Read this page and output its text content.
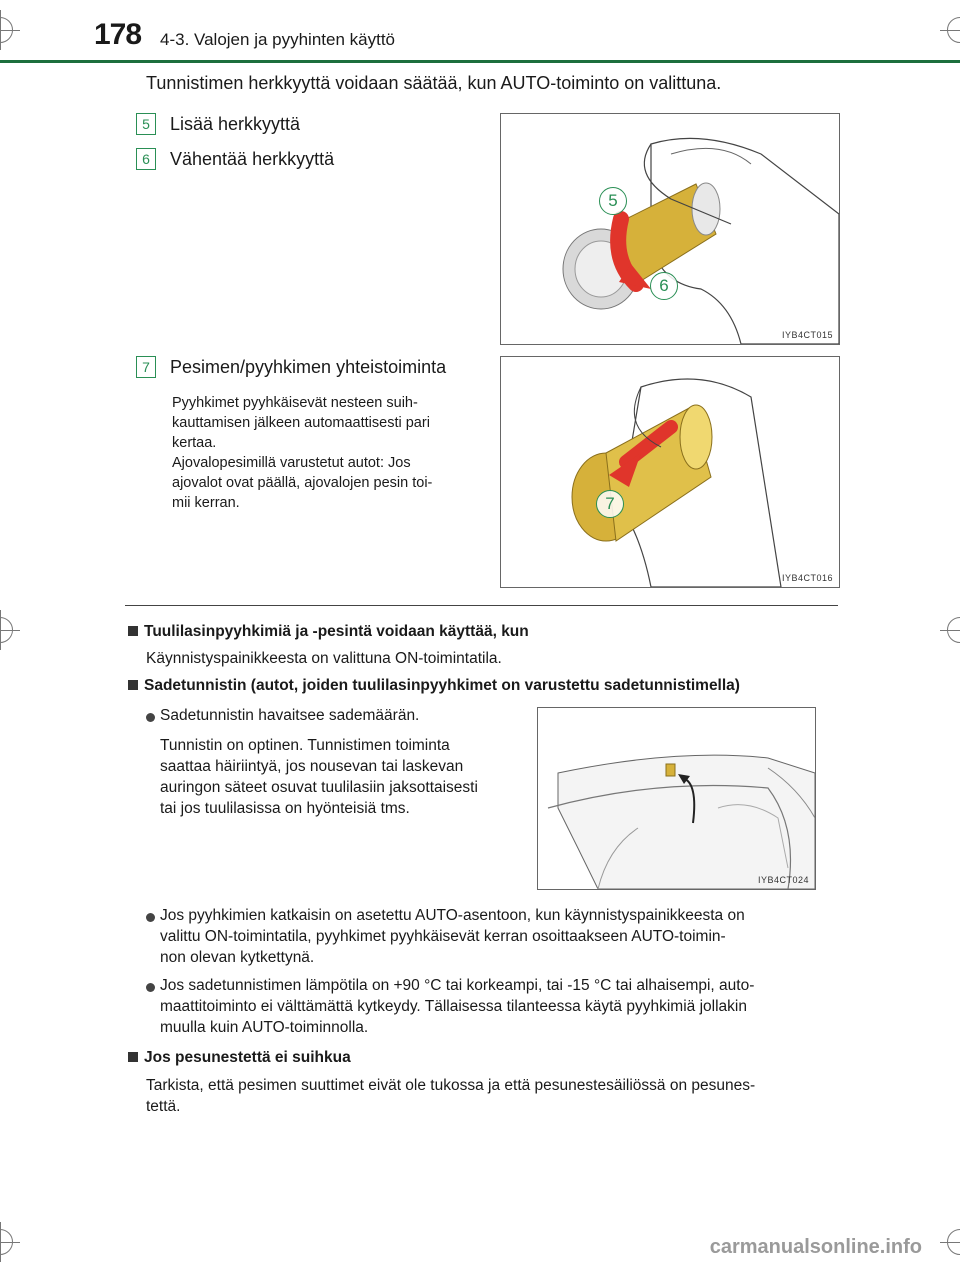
178 4-3. Valojen ja pyyhinten käyttö
Tunnistimen herkkyyttä voidaan säätää, kun AUTO-toiminto on valittuna.
5	Lisää herkkyyttä
6	Vähentää herkkyyttä
7	Pesimen/pyyhkimen yhteistoiminta
Pyyhkimet pyyhkäisevät nesteen suih-
kauttamisen jälkeen automaattisesti pari
kertaa.
Ajovalopesimillä varustetut autot: Jos
ajovalot ovat päällä, ajovalojen pesin toi-
mii kerran.
5
6
IYB4CT015
7
IYB4CT016
Tuulilasinpyyhkimiä ja -pesintä voidaan käyttää, kun
Käynnistyspainikkeesta on valittuna ON-toimintatila.
Sadetunnistin (autot, joiden tuulilasinpyyhkimet on varustettu sadetunnistimella)
Sadetunnistin havaitsee sademäärän.
Tunnistin on optinen. Tunnistimen toiminta
saattaa häiriintyä, jos nousevan tai laskevan
auringon säteet osuvat tuulilasiin jaksottaisesti
tai jos tuulilasissa on hyönteisiä tms.
IYB4CT024
Jos pyyhkimien katkaisin on asetettu AUTO-asentoon, kun käynnistyspainikkeesta on
valittu ON-toimintatila, pyyhkimet pyyhkäisevät kerran osoittaakseen AUTO-toimin-
non olevan kytkettynä.
Jos sadetunnistimen lämpötila on +90 °C tai korkeampi, tai -15 °C tai alhaisempi, auto-
maattitoiminto ei välttämättä kytkeydy. Tällaisessa tilanteessa käytä pyyhkimiä jollakin
muulla kuin AUTO-toiminnolla.
Jos pesunestettä ei suihkua
Tarkista, että pesimen suuttimet eivät ole tukossa ja että pesunestesäiliössä on pesunes-
tettä.
carmanualsonline.info
